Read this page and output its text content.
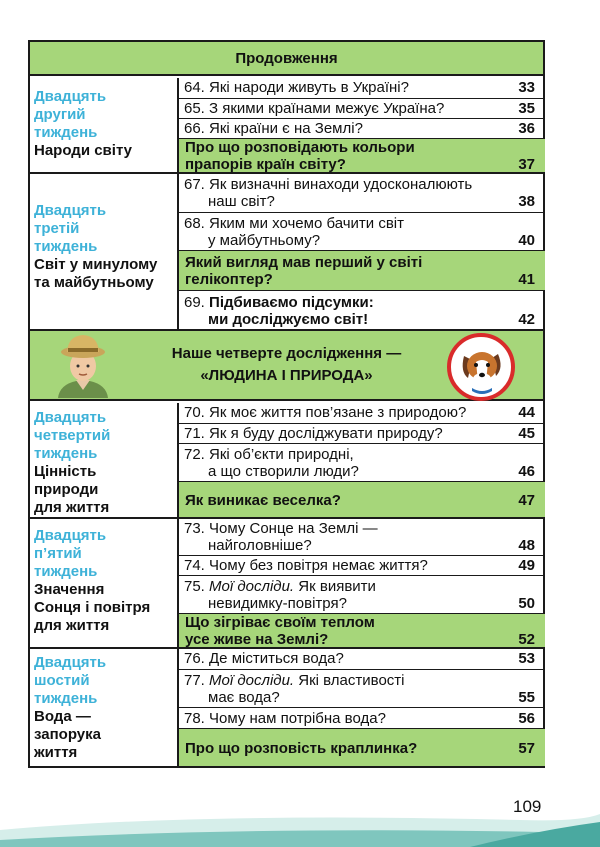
Продовження
Двадцять
другий
тиждень
Народи світу
64. Які народи живуть в Україні?	33
65. З якими країнами межує Україна?	35
66. Які країни є на Землі?	36
Про що розповідають кольори
прапорів країн світу?	37
Двадцять
третій
тиждень
Світ у минулому
та майбутньому
67. Як визначні винаходи удосконалюють
наш світ?	38
68. Яким ми хочемо бачити світ
у майбутньому?	40
Який вигляд мав перший у світі
гелікоптер?	41
69. Підбиваємо підсумки:
ми досліджуємо світ!	42
Наше четверте дослідження —
«ЛЮДИНА І ПРИРОДА»
Двадцять
четвертий
тиждень
Цінність
природи
для життя
70. Як моє життя пов’язане з природою?	44
71. Як я буду досліджувати природу?	45
72. Які об’єкти природні,
а що створили люди?	46
Як виникає веселка?	47
Двадцять
п’ятий
тиждень
Значення
Сонця і повітря
для життя
73. Чому Сонце на Землі —
найголовніше?	48
74. Чому без повітря немає життя?	49
75. Мої досліди. Як виявити
невидимку-повітря?	50
Що зігріває своїм теплом
усе живе на Землі?	52
Двадцять
шостий
тиждень
Вода —
запорука
життя
76. Де міститься вода?	53
77. Мої досліди. Які властивості
має вода?	55
78. Чому нам потрібна вода?	56
Про що розповість краплинка?	57
109
